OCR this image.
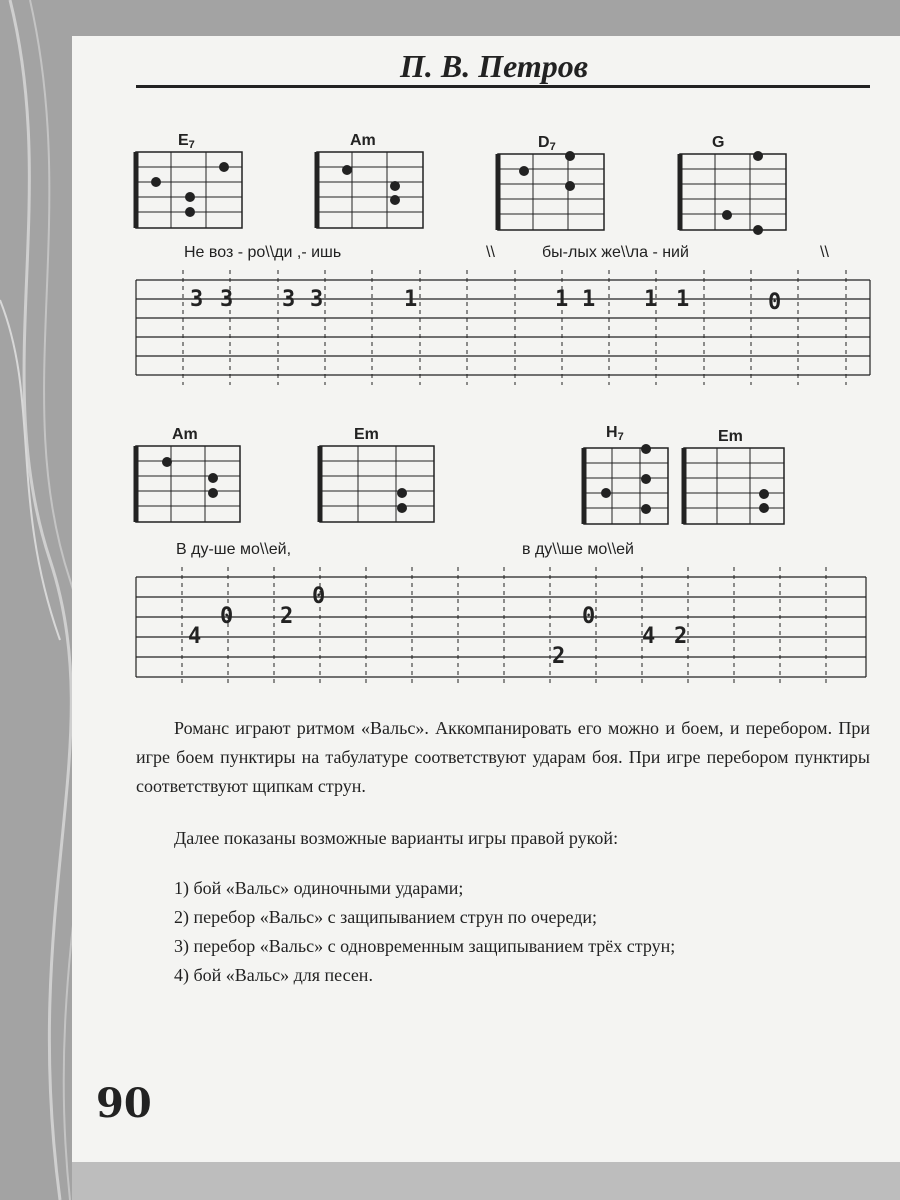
П. В. Петров
$E_7$	Am	$D_7$	G
Не воз - ро\\ди ,- ишь	\\	бы-лых же\\ла - ний	\\
3 3 3 3	1	1 1 1 1	0
Am	Em	$H_7$	Em
В ду-ше мо\\ей,	в ду\\ше мо\\ей
4
0 2
0
2
0
4 2

Романс играют ритмом «Вальс». Аккомпанировать его можно и боем, и перебором. При игре боем пунктиры на табулатуре соответствуют ударам боя. При игре перебором пунктиры соответствуют щипкам струн.

Далее показаны возможные варианты игры правой рукой:

1) бой «Вальс» одиночными ударами;
2) перебор «Вальс» с защипыванием струн по очереди;
3) перебор «Вальс» с одновременным защипыванием трёх струн;
4) бой «Вальс» для песен.
90
